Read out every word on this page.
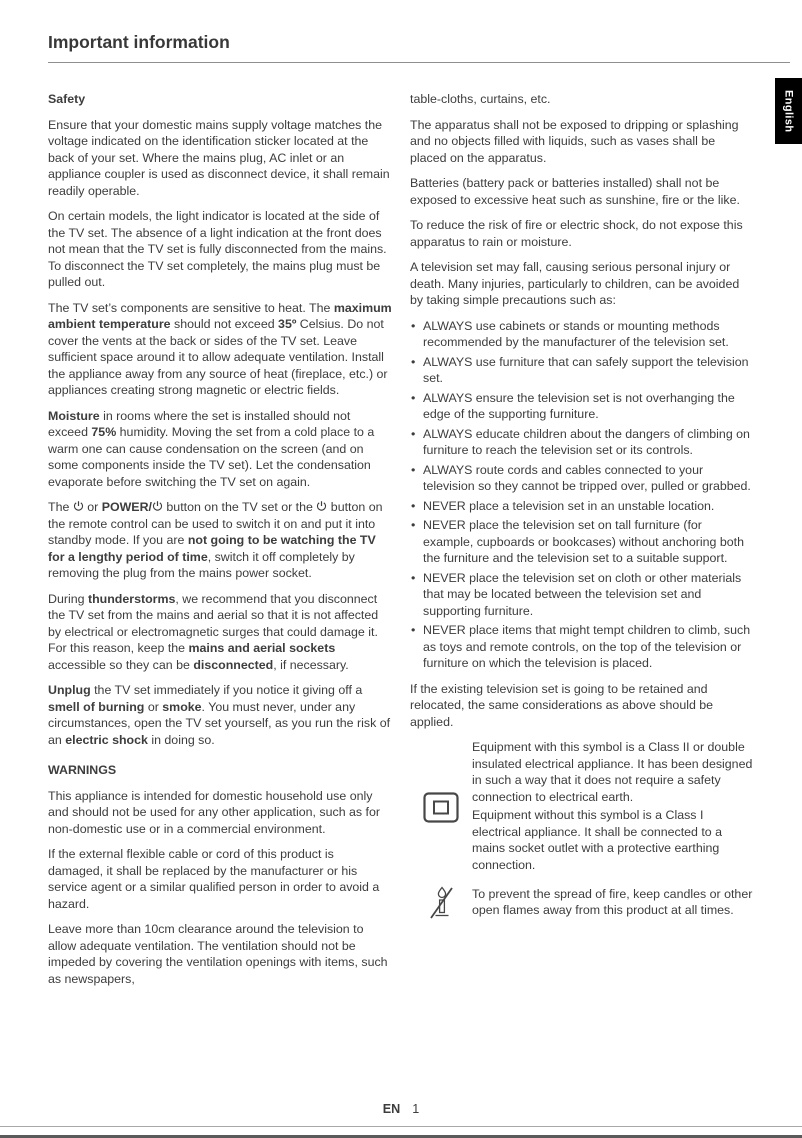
Important information
Safety

Ensure that your domestic mains supply voltage matches the voltage indicated on the identification sticker located at the back of your set. Where the mains plug, AC inlet or an appliance coupler is used as disconnect device, it shall remain readily operable.

On certain models, the light indicator is located at the side of the TV set. The absence of a light indication at the front does not mean that the TV set is fully disconnected from the mains. To disconnect the TV set completely, the mains plug must be pulled out.

The TV set’s components are sensitive to heat. The maximum ambient temperature should not exceed 35º Celsius. Do not cover the vents at the back or sides of the TV set. Leave sufficient space around it to allow adequate ventilation. Install the appliance away from any source of heat (fireplace, etc.) or appliances creating strong magnetic or electric fields.

Moisture in rooms where the set is installed should not exceed 75% humidity. Moving the set from a cold place to a warm one can cause condensation on the screen (and on some components inside the TV set). Let the condensation evaporate before switching the TV set on again.

The  or POWER/ button on the TV set or the  button on the remote control can be used to switch it on and put it into standby mode. If you are not going to be watching the TV for a lengthy period of time, switch it off completely by removing the plug from the mains power socket.

During thunderstorms, we recommend that you disconnect the TV set from the mains and aerial so that it is not affected by electrical or electromagnetic surges that could damage it. For this reason, keep the mains and aerial sockets accessible so they can be disconnected, if necessary.

Unplug the TV set immediately if you notice it giving off a smell of burning or smoke. You must never, under any circumstances, open the TV set yourself, as you run the risk of an electric shock in doing so.

WARNINGS

This appliance is intended for domestic household use only and should not be used for any other application, such as for non-domestic use or in a commercial environment.

If the external flexible cable or cord of this product is damaged, it shall be replaced by the manufacturer or his service agent or a similar qualified person in order to avoid a hazard.

Leave more than 10cm clearance around the television to allow adequate ventilation. The ventilation should not be impeded by covering the ventilation openings with items, such as newspapers,

table-cloths, curtains, etc.

The apparatus shall not be exposed to dripping or splashing and no objects filled with liquids, such as vases shall be placed on the apparatus.

Batteries (battery pack or batteries installed) shall not be exposed to excessive heat such as sunshine, fire or the like.

To reduce the risk of fire or electric shock, do not expose this apparatus to rain or moisture.

A television set may fall, causing serious personal injury or death. Many injuries, particularly to children, can be avoided by taking simple precautions such as:

• ALWAYS use cabinets or stands or mounting methods recommended by the manufacturer of the television set.
• ALWAYS use furniture that can safely support the television set.
• ALWAYS ensure the television set is not overhanging the edge of the supporting furniture.
• ALWAYS educate children about the dangers of climbing on furniture to reach the television set or its controls.
• ALWAYS route cords and cables connected to your television so they cannot be tripped over, pulled or grabbed.
• NEVER place a television set in an unstable location.
• NEVER place the television set on tall furniture (for example, cupboards or bookcases) without anchoring both the furniture and the television set to a suitable support.
• NEVER place the television set on cloth or other materials that may be located between the television set and supporting furniture.
• NEVER place items that might tempt children to climb, such as toys and remote controls, on the top of the television or furniture on which the television is placed.

If the existing television set is going to be retained and relocated, the same considerations as above should be applied.

Equipment with this symbol is a Class II or double insulated electrical appliance. It has been designed in such a way that it does not require a safety connection to electrical earth.

Equipment without this symbol is a Class I electrical appliance. It shall be connected to a mains socket outlet with a protective earthing connection.

To prevent the spread of fire, keep candles or other open flames away from this product at all times.

English
EN 1
